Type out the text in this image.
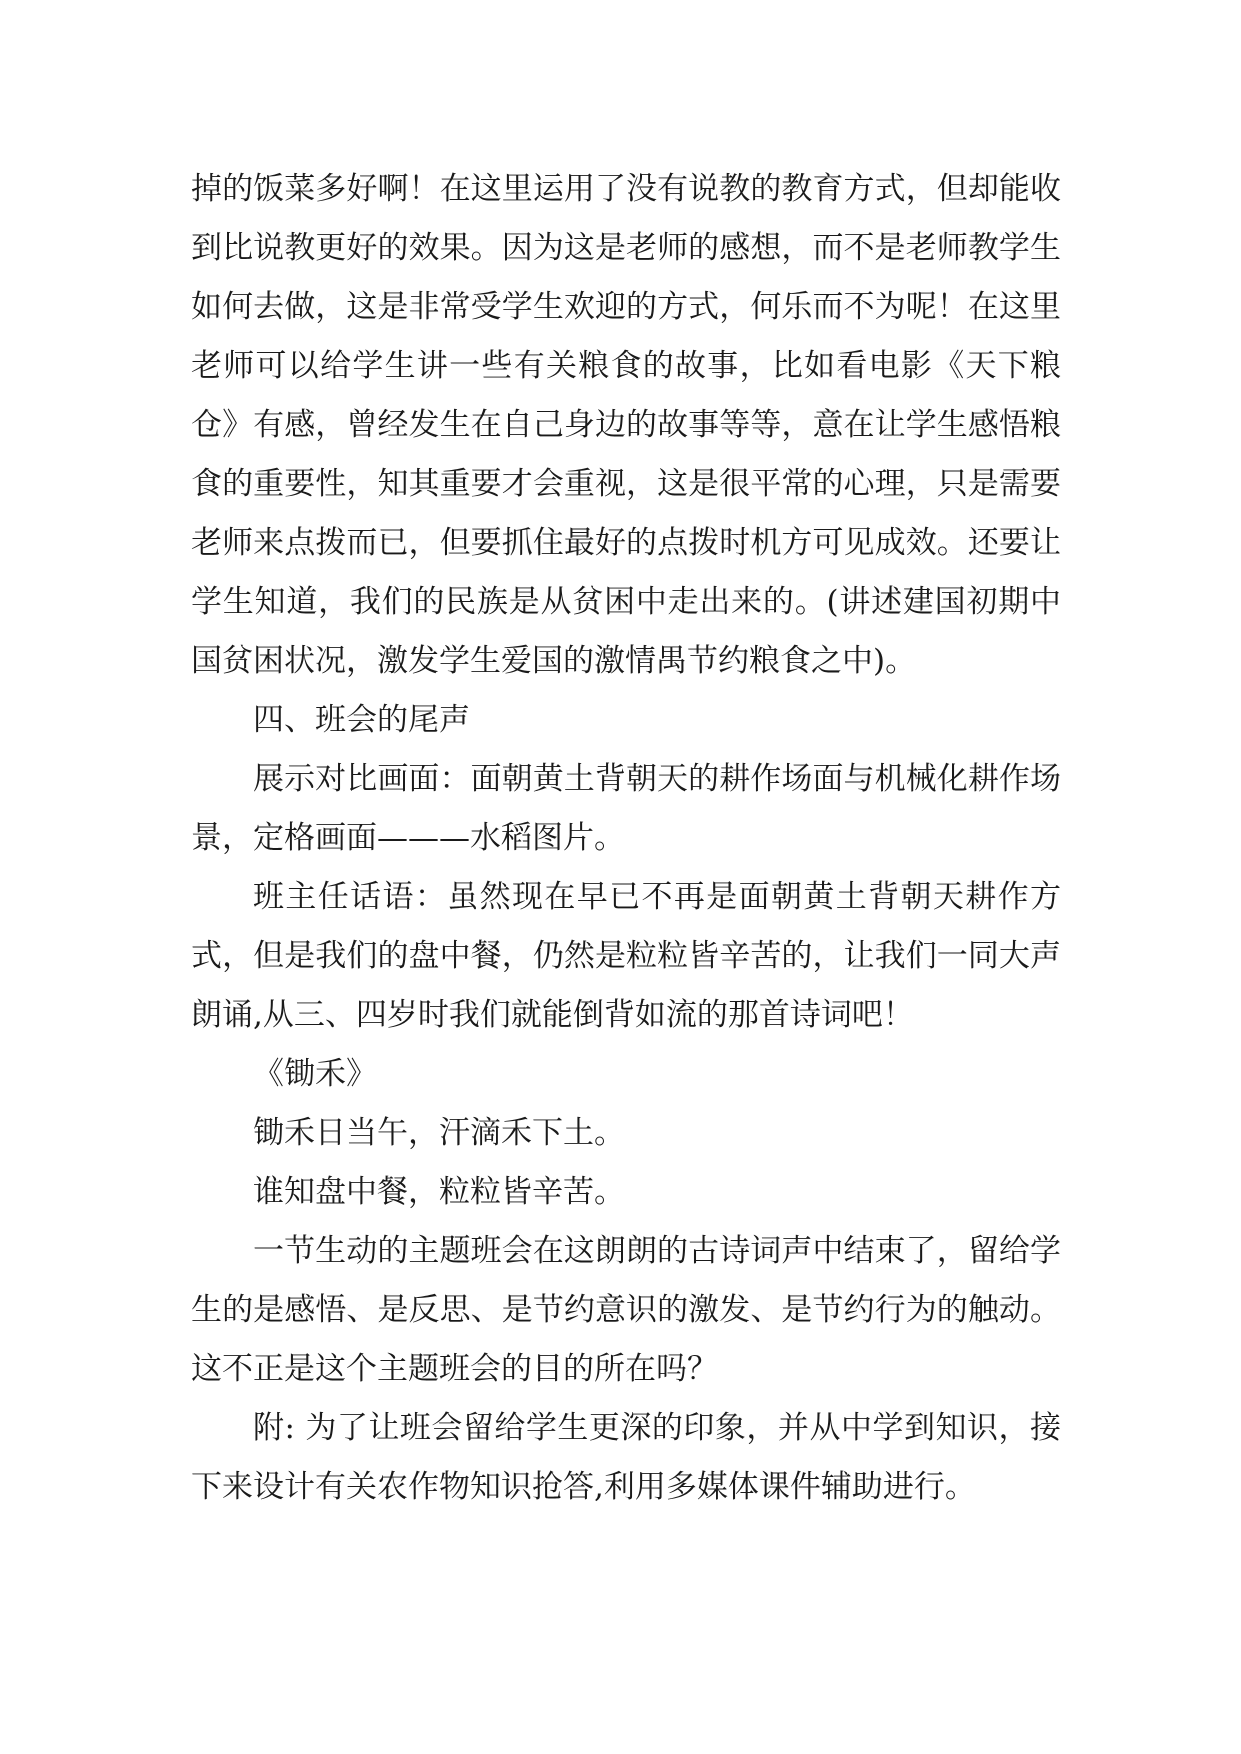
掉的饭菜多好啊！在这里运用了没有说教的教育方式，但却能收到比说教更好的效果。因为这是老师的感想，而不是老师教学生如何去做，这是非常受学生欢迎的方式，何乐而不为呢！在这里老师可以给学生讲一些有关粮食的故事，比如看电影《天下粮仓》有感，曾经发生在自己身边的故事等等，意在让学生感悟粮食的重要性，知其重要才会重视，这是很平常的心理，只是需要老师来点拨而已，但要抓住最好的点拨时机方可见成效。还要让学生知道，我们的民族是从贫困中走出来的。(讲述建国初期中国贫困状况，激发学生爱国的激情禺节约粮食之中)。

四、班会的尾声

展示对比画面：面朝黄土背朝天的耕作场面与机械化耕作场景，定格画面———水稻图片。

班主任话语：虽然现在早已不再是面朝黄土背朝天耕作方式，但是我们的盘中餐，仍然是粒粒皆辛苦的，让我们一同大声朗诵,从三、四岁时我们就能倒背如流的那首诗词吧！

《锄禾》

锄禾日当午，汗滴禾下土。

谁知盘中餐，粒粒皆辛苦。

一节生动的主题班会在这朗朗的古诗词声中结束了，留给学生的是感悟、是反思、是节约意识的激发、是节约行为的触动。这不正是这个主题班会的目的所在吗？

附: 为了让班会留给学生更深的印象，并从中学到知识，接下来设计有关农作物知识抢答,利用多媒体课件辅助进行。
